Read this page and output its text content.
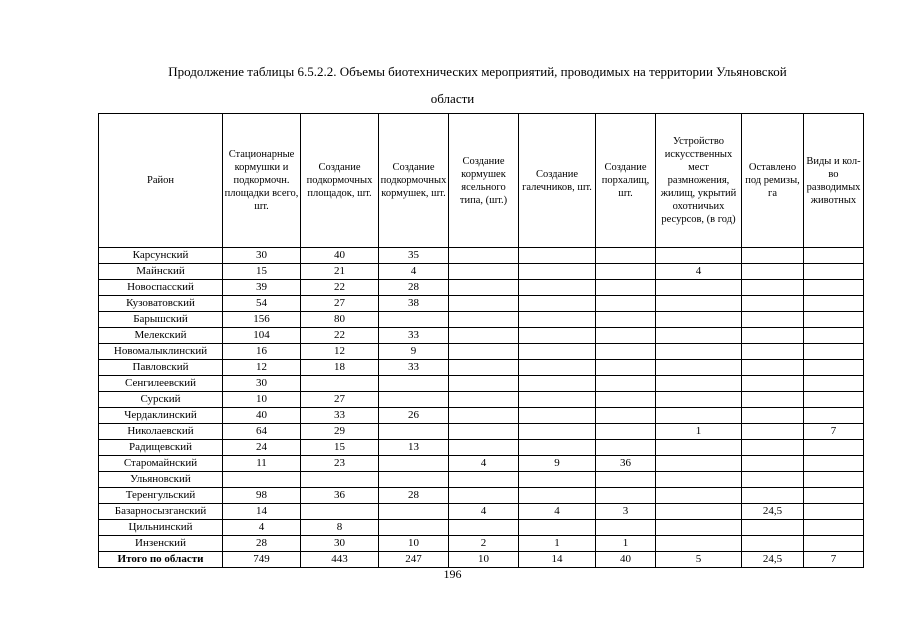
Продолжение таблицы 6.5.2.2. Объемы биотехнических мероприятий, проводимых на территории Ульяновской
области
Район	Стационарные кормушки и подкормочн. площадки всего, шт.	Создание подкормочных площадок, шт.	Создание подкормочных кормушек, шт.	Создание кормушек ясельного типа, (шт.)	Создание галечников, шт.	Создание порхалищ, шт.	Устройство искусственных мест размножения, жилищ, укрытий охотничьих ресурсов, (в год)	Оставлено под ремизы, га	Виды и кол-во разводимых животных
Карсунский	30	40	35						
Майнский	15	21	4				4		
Новоспасский	39	22	28						
Кузоватовский	54	27	38						
Барышский	156	80							
Мелекский	104	22	33						
Новомалыклинский	16	12	9						
Павловский	12	18	33						
Сенгилеевский	30								
Сурский	10	27							
Чердаклинский	40	33	26						
Николаевский	64	29					1		7
Радищевский	24	15	13						
Старомайнский	11	23		4	9	36			
Ульяновский									
Теренгульский	98	36	28						
Базарносызганский	14			4	4	3		24,5	
Цильнинский	4	8							
Инзенский	28	30	10	2	1	1			
Итого по области	749	443	247	10	14	40	5	24,5	7
196
